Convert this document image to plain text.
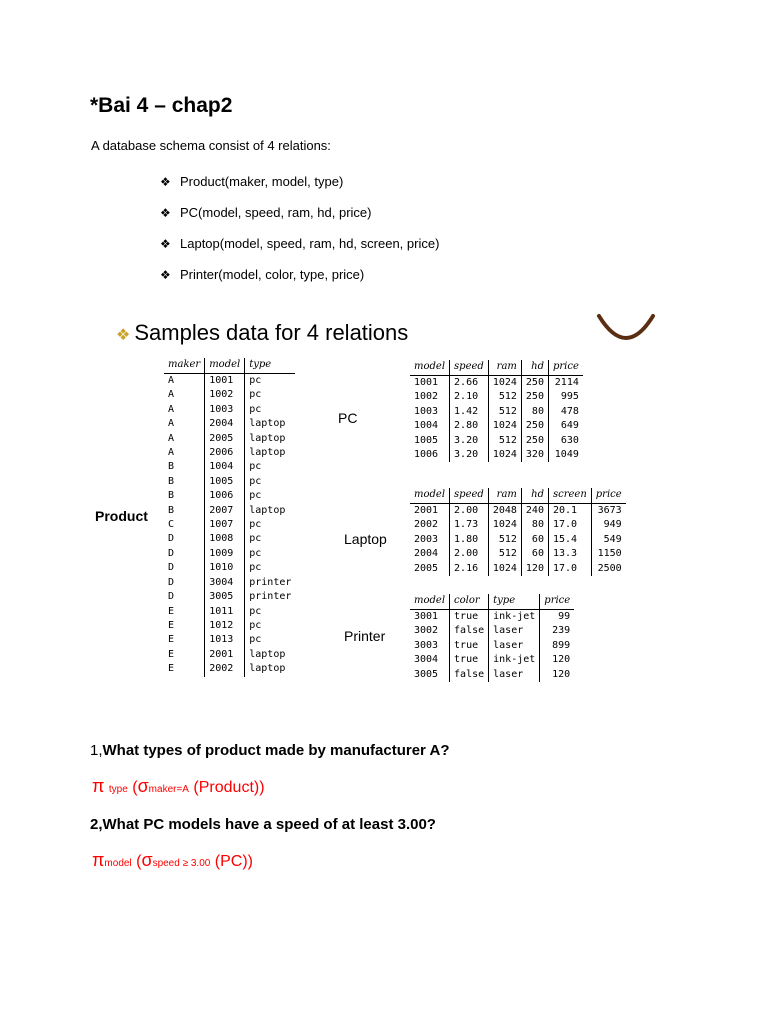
*Bai 4 – chap2
A database schema consist of 4 relations:
❖ Product(maker, model, type)
❖ PC(model, speed, ram, hd, price)
❖ Laptop(model, speed, ram, hd, screen, price)
❖ Printer(model, color, type, price)
❖ Samples data for 4 relations
Product
PC
Laptop
Printer
maker	model	type
A	1001	pc
A	1002	pc
A	1003	pc
A	2004	laptop
A	2005	laptop
A	2006	laptop
B	1004	pc
B	1005	pc
B	1006	pc
B	2007	laptop
C	1007	pc
D	1008	pc
D	1009	pc
D	1010	pc
D	3004	printer
D	3005	printer
E	1011	pc
E	1012	pc
E	1013	pc
E	2001	laptop
E	2002	laptop
model	speed	ram	hd	price
1001	2.66	1024	250	2114
1002	2.10	512	250	995
1003	1.42	512	80	478
1004	2.80	1024	250	649
1005	3.20	512	250	630
1006	3.20	1024	320	1049
model	speed	ram	hd	screen	price
2001	2.00	2048	240	20.1	3673
2002	1.73	1024	80	17.0	949
2003	1.80	512	60	15.4	549
2004	2.00	512	60	13.3	1150
2005	2.16	1024	120	17.0	2500
model	color	type	price
3001	true	ink-jet	99
3002	false	laser	239
3003	true	laser	899
3004	true	ink-jet	120
3005	false	laser	120
1,What types of product made by manufacturer A?
π type (σmaker=A (Product))
2,What PC models have a speed of at least 3.00?
πmodel (σspeed ≥ 3.00 (PC))
